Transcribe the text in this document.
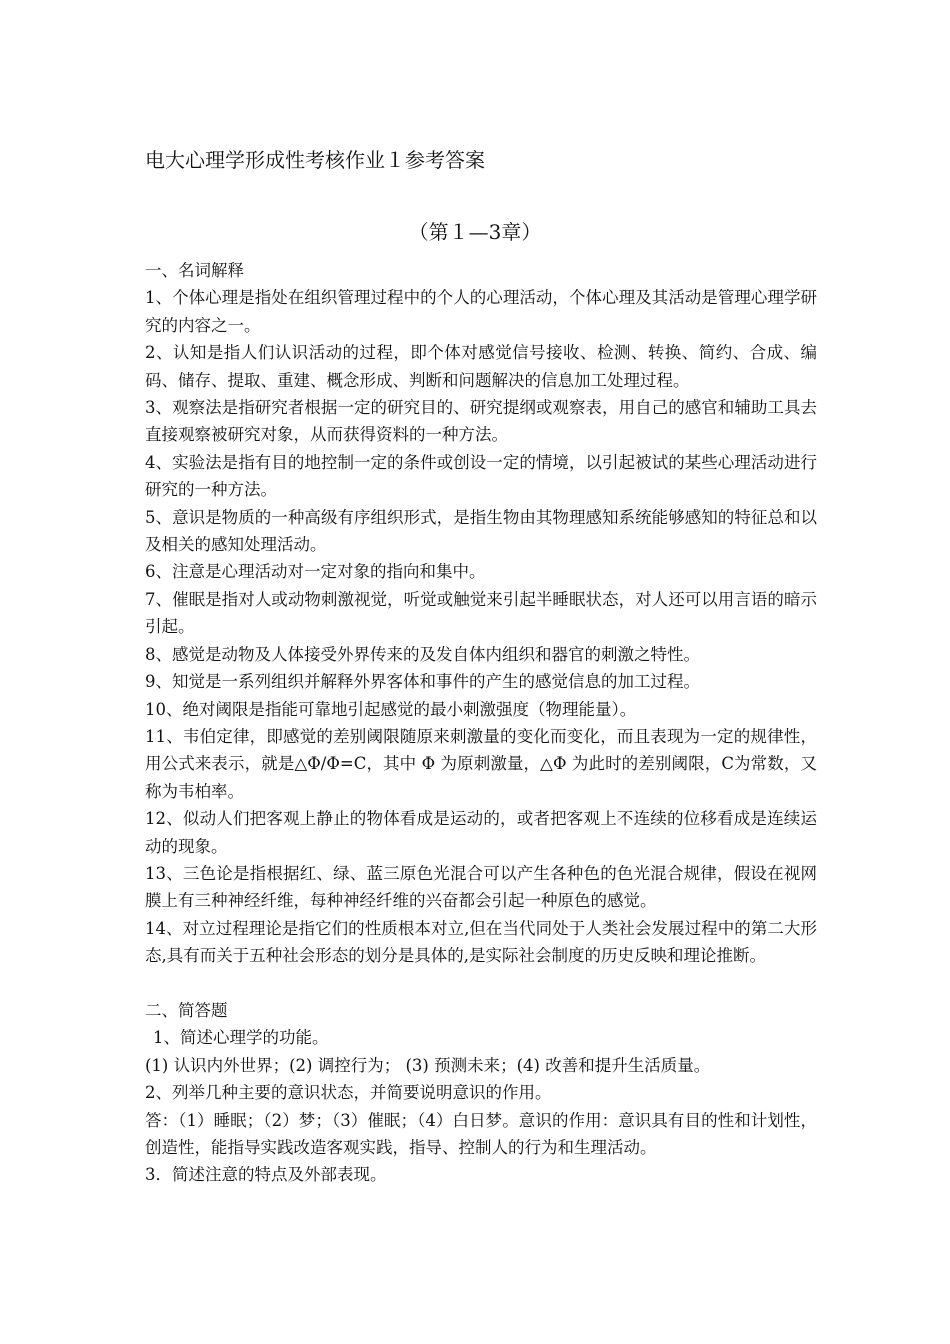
电大心理学形成性考核作业１参考答案
（第１—3章）

一、名词解释

1、个体心理是指处在组织管理过程中的个人的心理活动，个体心理及其活动是管理心理学研究的内容之一。

2、认知是指人们认识活动的过程，即个体对感觉信号接收、检测、转换、简约、合成、编码、储存、提取、重建、概念形成、判断和问题解决的信息加工处理过程。

3、观察法是指研究者根据一定的研究目的、研究提纲或观察表，用自己的感官和辅助工具去直接观察被研究对象，从而获得资料的一种方法。

4、实验法是指有目的地控制一定的条件或创设一定的情境，以引起被试的某些心理活动进行研究的一种方法。

5、意识是物质的一种高级有序组织形式，是指生物由其物理感知系统能够感知的特征总和以及相关的感知处理活动。

6、注意是心理活动对一定对象的指向和集中。

7、催眠是指对人或动物刺激视觉，听觉或触觉来引起半睡眠状态，对人还可以用言语的暗示引起。

8、感觉是动物及人体接受外界传来的及发自体内组织和器官的刺激之特性。

9、知觉是一系列组织并解释外界客体和事件的产生的感觉信息的加工过程。

10、绝对阈限是指能可靠地引起感觉的最小刺激强度（物理能量）。

11、韦伯定律，即感觉的差别阈限随原来刺激量的变化而变化，而且表现为一定的规律性，用公式来表示，就是△Φ/Φ=C，其中 Φ 为原刺激量，△Φ 为此时的差别阈限，C为常数，又称为韦柏率。

12、似动人们把客观上静止的物体看成是运动的，或者把客观上不连续的位移看成是连续运动的现象。

13、三色论是指根据红、绿、蓝三原色光混合可以产生各种色的色光混合规律，假设在视网膜上有三种神经纤维，每种神经纤维的兴奋都会引起一种原色的感觉。

14、对立过程理论是指它们的性质根本对立,但在当代同处于人类社会发展过程中的第二大形态,具有而关于五种社会形态的划分是具体的,是实际社会制度的历史反映和理论推断。

二、简答题

1、简述心理学的功能。

(1) 认识内外世界；(2) 调控行为； (3) 预测未来；(4) 改善和提升生活质量。

2、列举几种主要的意识状态，并简要说明意识的作用。

答：（1）睡眠；（2）梦；（3）催眠；（4）白日梦。意识的作用：意识具有目的性和计划性，创造性，能指导实践改造客观实践，指导、控制人的行为和生理活动。

3．简述注意的特点及外部表现。
